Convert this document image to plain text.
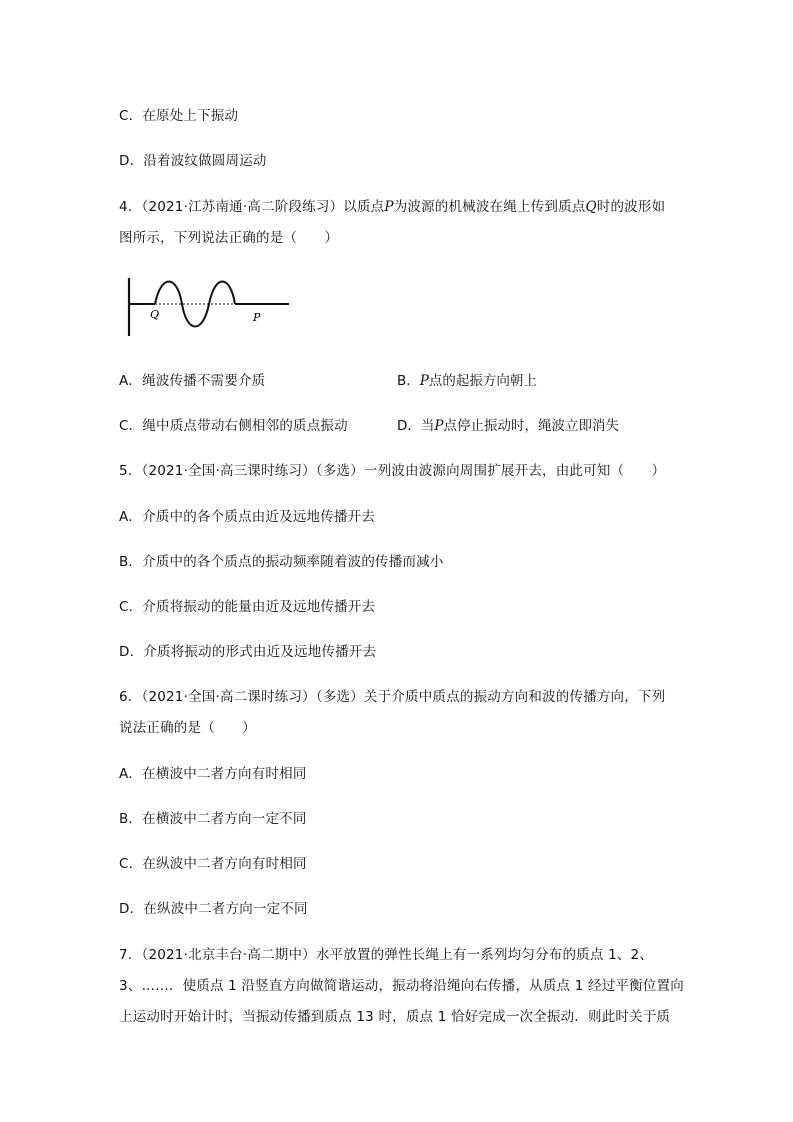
C．在原处上下振动
D．沿着波纹做圆周运动
4．（2021·江苏南通·高二阶段练习）以质点P为波源的机械波在绳上传到质点Q时的波形如
图所示，下列说法正确的是（　　）
Q	P
A．绳波传播不需要介质	B．P点的起振方向朝上
C．绳中质点带动右侧相邻的质点振动	D．当P点停止振动时，绳波立即消失
5．（2021·全国·高三课时练习）（多选）一列波由波源向周围扩展开去，由此可知（　　）
A．介质中的各个质点由近及远地传播开去
B．介质中的各个质点的振动频率随着波的传播而减小
C．介质将振动的能量由近及远地传播开去
D．介质将振动的形式由近及远地传播开去
6．（2021·全国·高二课时练习）（多选）关于介质中质点的振动方向和波的传播方向，下列
说法正确的是（　　）
A．在横波中二者方向有时相同
B．在横波中二者方向一定不同
C．在纵波中二者方向有时相同
D．在纵波中二者方向一定不同
7．（2021·北京丰台·高二期中）水平放置的弹性长绳上有一系列均匀分布的质点 1、2、
3、……．使质点 1 沿竖直方向做简谐运动，振动将沿绳向右传播，从质点 1 经过平衡位置向
上运动时开始计时，当振动传播到质点 13 时，质点 1 恰好完成一次全振动．则此时关于质
